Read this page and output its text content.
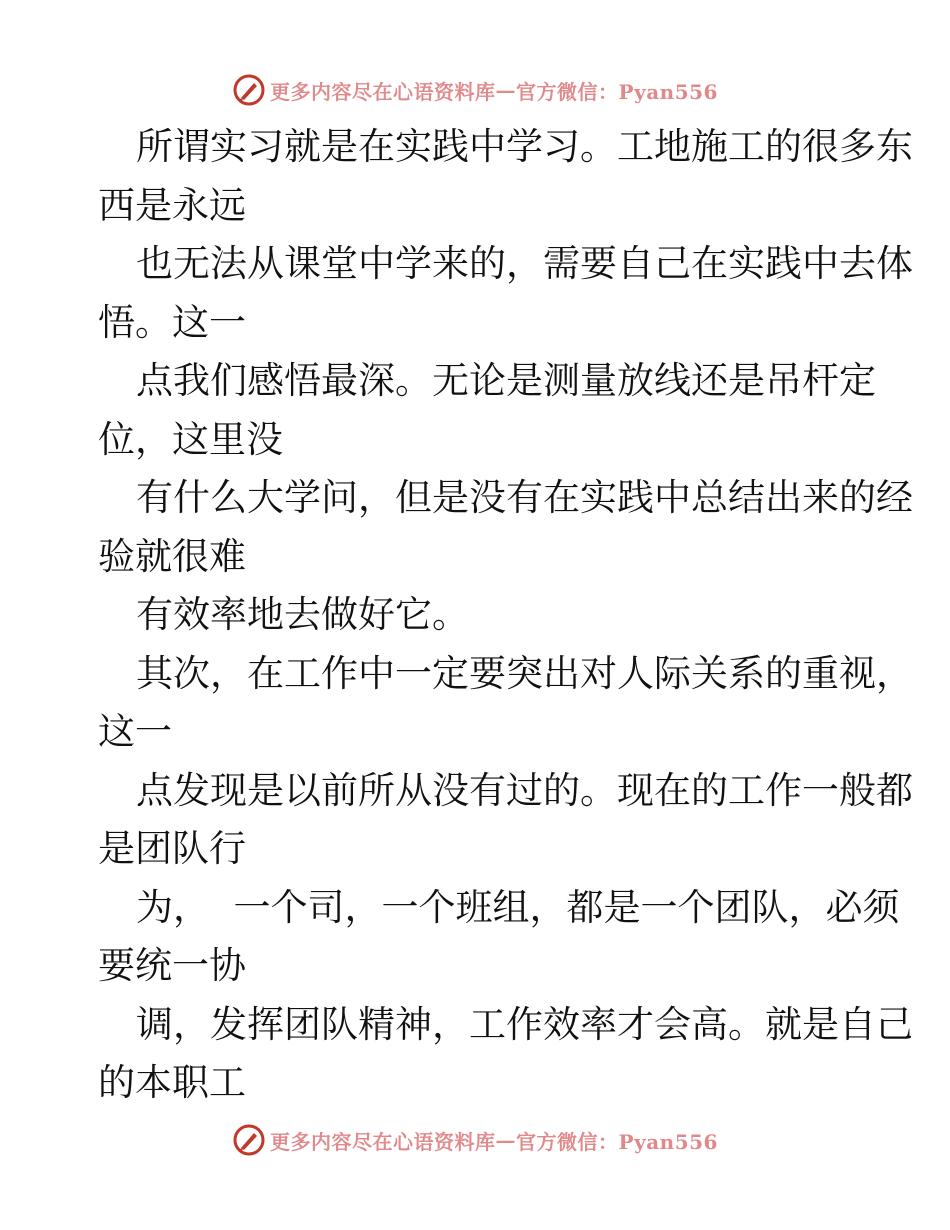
更多内容尽在心语资料库 — 官方微信：Pyan556

所谓实习就是在实践中学习。工地施工的很多东

西是永远

也无法从课堂中学来的，需要自己在实践中去体

悟。这一

点我们感悟最深。无论是测量放线还是吊杆定

位，这里没

有什么大学问，但是没有在实践中总结出来的经

验就很难

有效率地去做好它。

其次，在工作中一定要突出对人际关系的重视，

这一

点发现是以前所从没有过的。现在的工作一般都

是团队行

为，  一个司，一个班组，都是一个团队，必须

要统一协

调，发挥团队精神，工作效率才会高。就是自己

的本职工

更多内容尽在心语资料库 — 官方微信：Pyan556
